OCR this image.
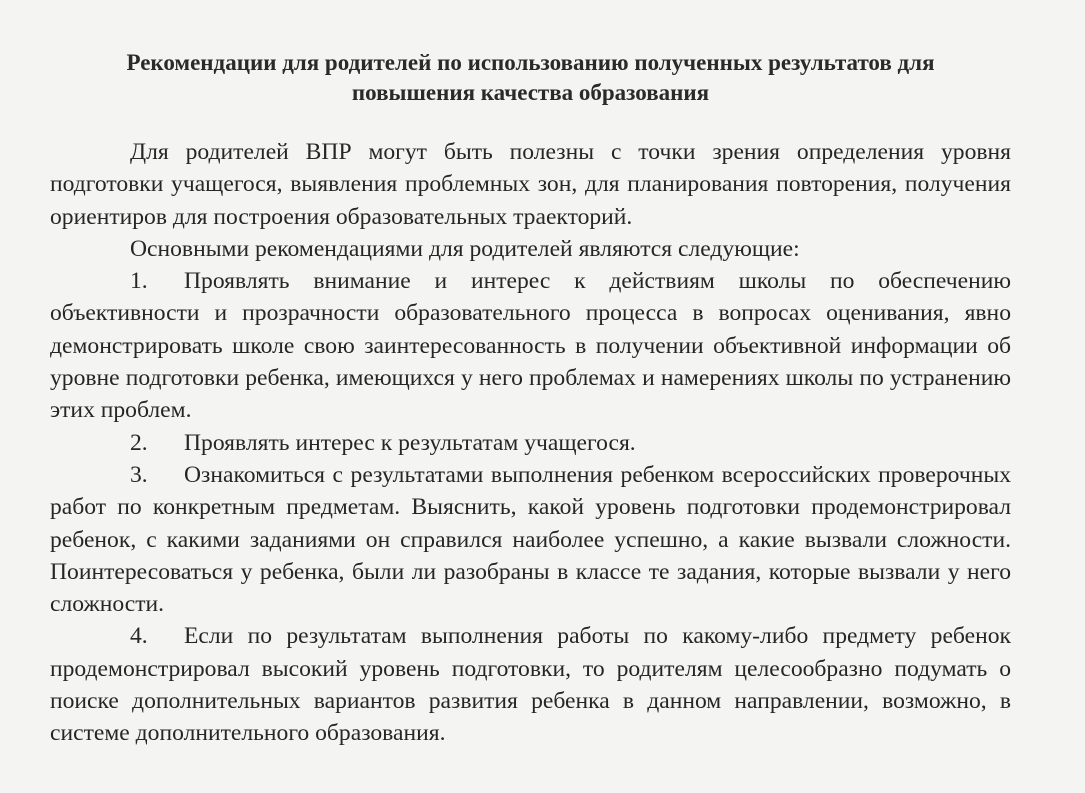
Рекомендации для родителей по использованию полученных результатов для
повышения качества образования

Для родителей ВПР могут быть полезны с точки зрения определения уровня подготовки учащегося, выявления проблемных зон, для планирования повторения, получения ориентиров для построения образовательных траекторий.

Основными рекомендациями для родителей являются следующие:

1. Проявлять внимание и интерес к действиям школы по обеспечению объективности и прозрачности образовательного процесса в вопросах оценивания, явно демонстрировать школе свою заинтересованность в получении объективной информации об уровне подготовки ребенка, имеющихся у него проблемах и намерениях школы по устранению этих проблем.

2. Проявлять интерес к результатам учащегося.

3. Ознакомиться с результатами выполнения ребенком всероссийских проверочных работ по конкретным предметам. Выяснить, какой уровень подготовки продемонстрировал ребенок, с какими заданиями он справился наиболее успешно, а какие вызвали сложности. Поинтересоваться у ребенка, были ли разобраны в классе те задания, которые вызвали у него сложности.

4. Если по результатам выполнения работы по какому-либо предмету ребенок продемонстрировал высокий уровень подготовки, то родителям целесообразно подумать о поиске дополнительных вариантов развития ребенка в данном направлении, возможно, в системе дополнительного образования.
